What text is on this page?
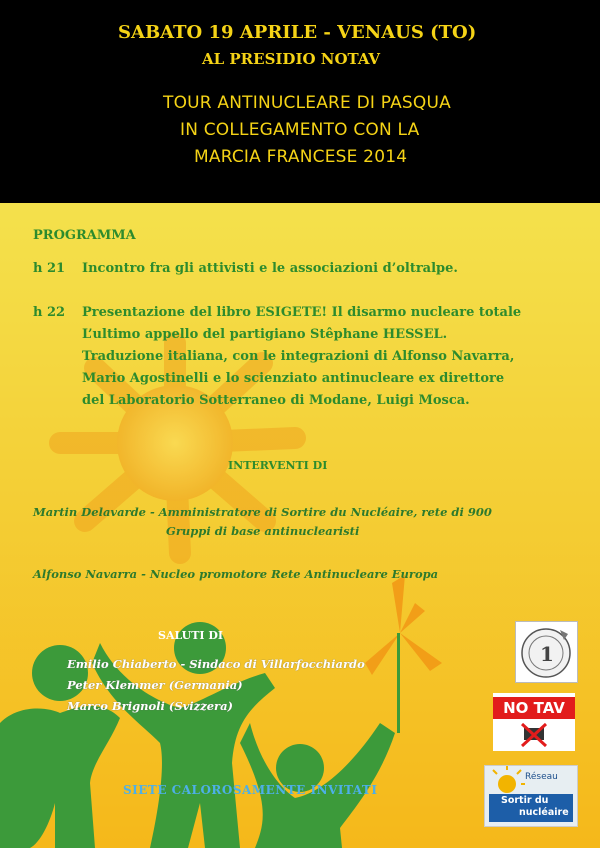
SABATO 19 APRILE - VENAUS (TO)
AL PRESIDIO NOTAV
TOUR ANTINUCLEARE DI PASQUA
IN COLLEGAMENTO CON LA
MARCIA FRANCESE 2014
PROGRAMMA
h 21 Incontro fra gli attivisti e le associazioni d’oltralpe.
h 22 Presentazione del libro ESIGETE! Il disarmo nucleare totale
L’ultimo appello del partigiano Stêphane HESSEL.
Traduzione italiana, con le integrazioni di Alfonso Navarra,
Mario Agostinelli e lo scienziato antinucleare ex direttore
del Laboratorio Sotterraneo di Modane, Luigi Mosca.
INTERVENTI DI
Martin Delavarde - Amministratore di Sortire du Nucléaire, rete di 900
Gruppi di base antinuclearisti
Alfonso Navarra - Nucleo promotore Rete Antinucleare Europa
SALUTI DI
Emilio Chiaberto - Sindaco di Villarfocchiardo
Peter Klemmer (Germania)
Marco Brignoli (Svizzera)
SIETE CALOROSAMENTE INVITATI
1
NO TAV
Réseau
Sortir du
nucléaire
